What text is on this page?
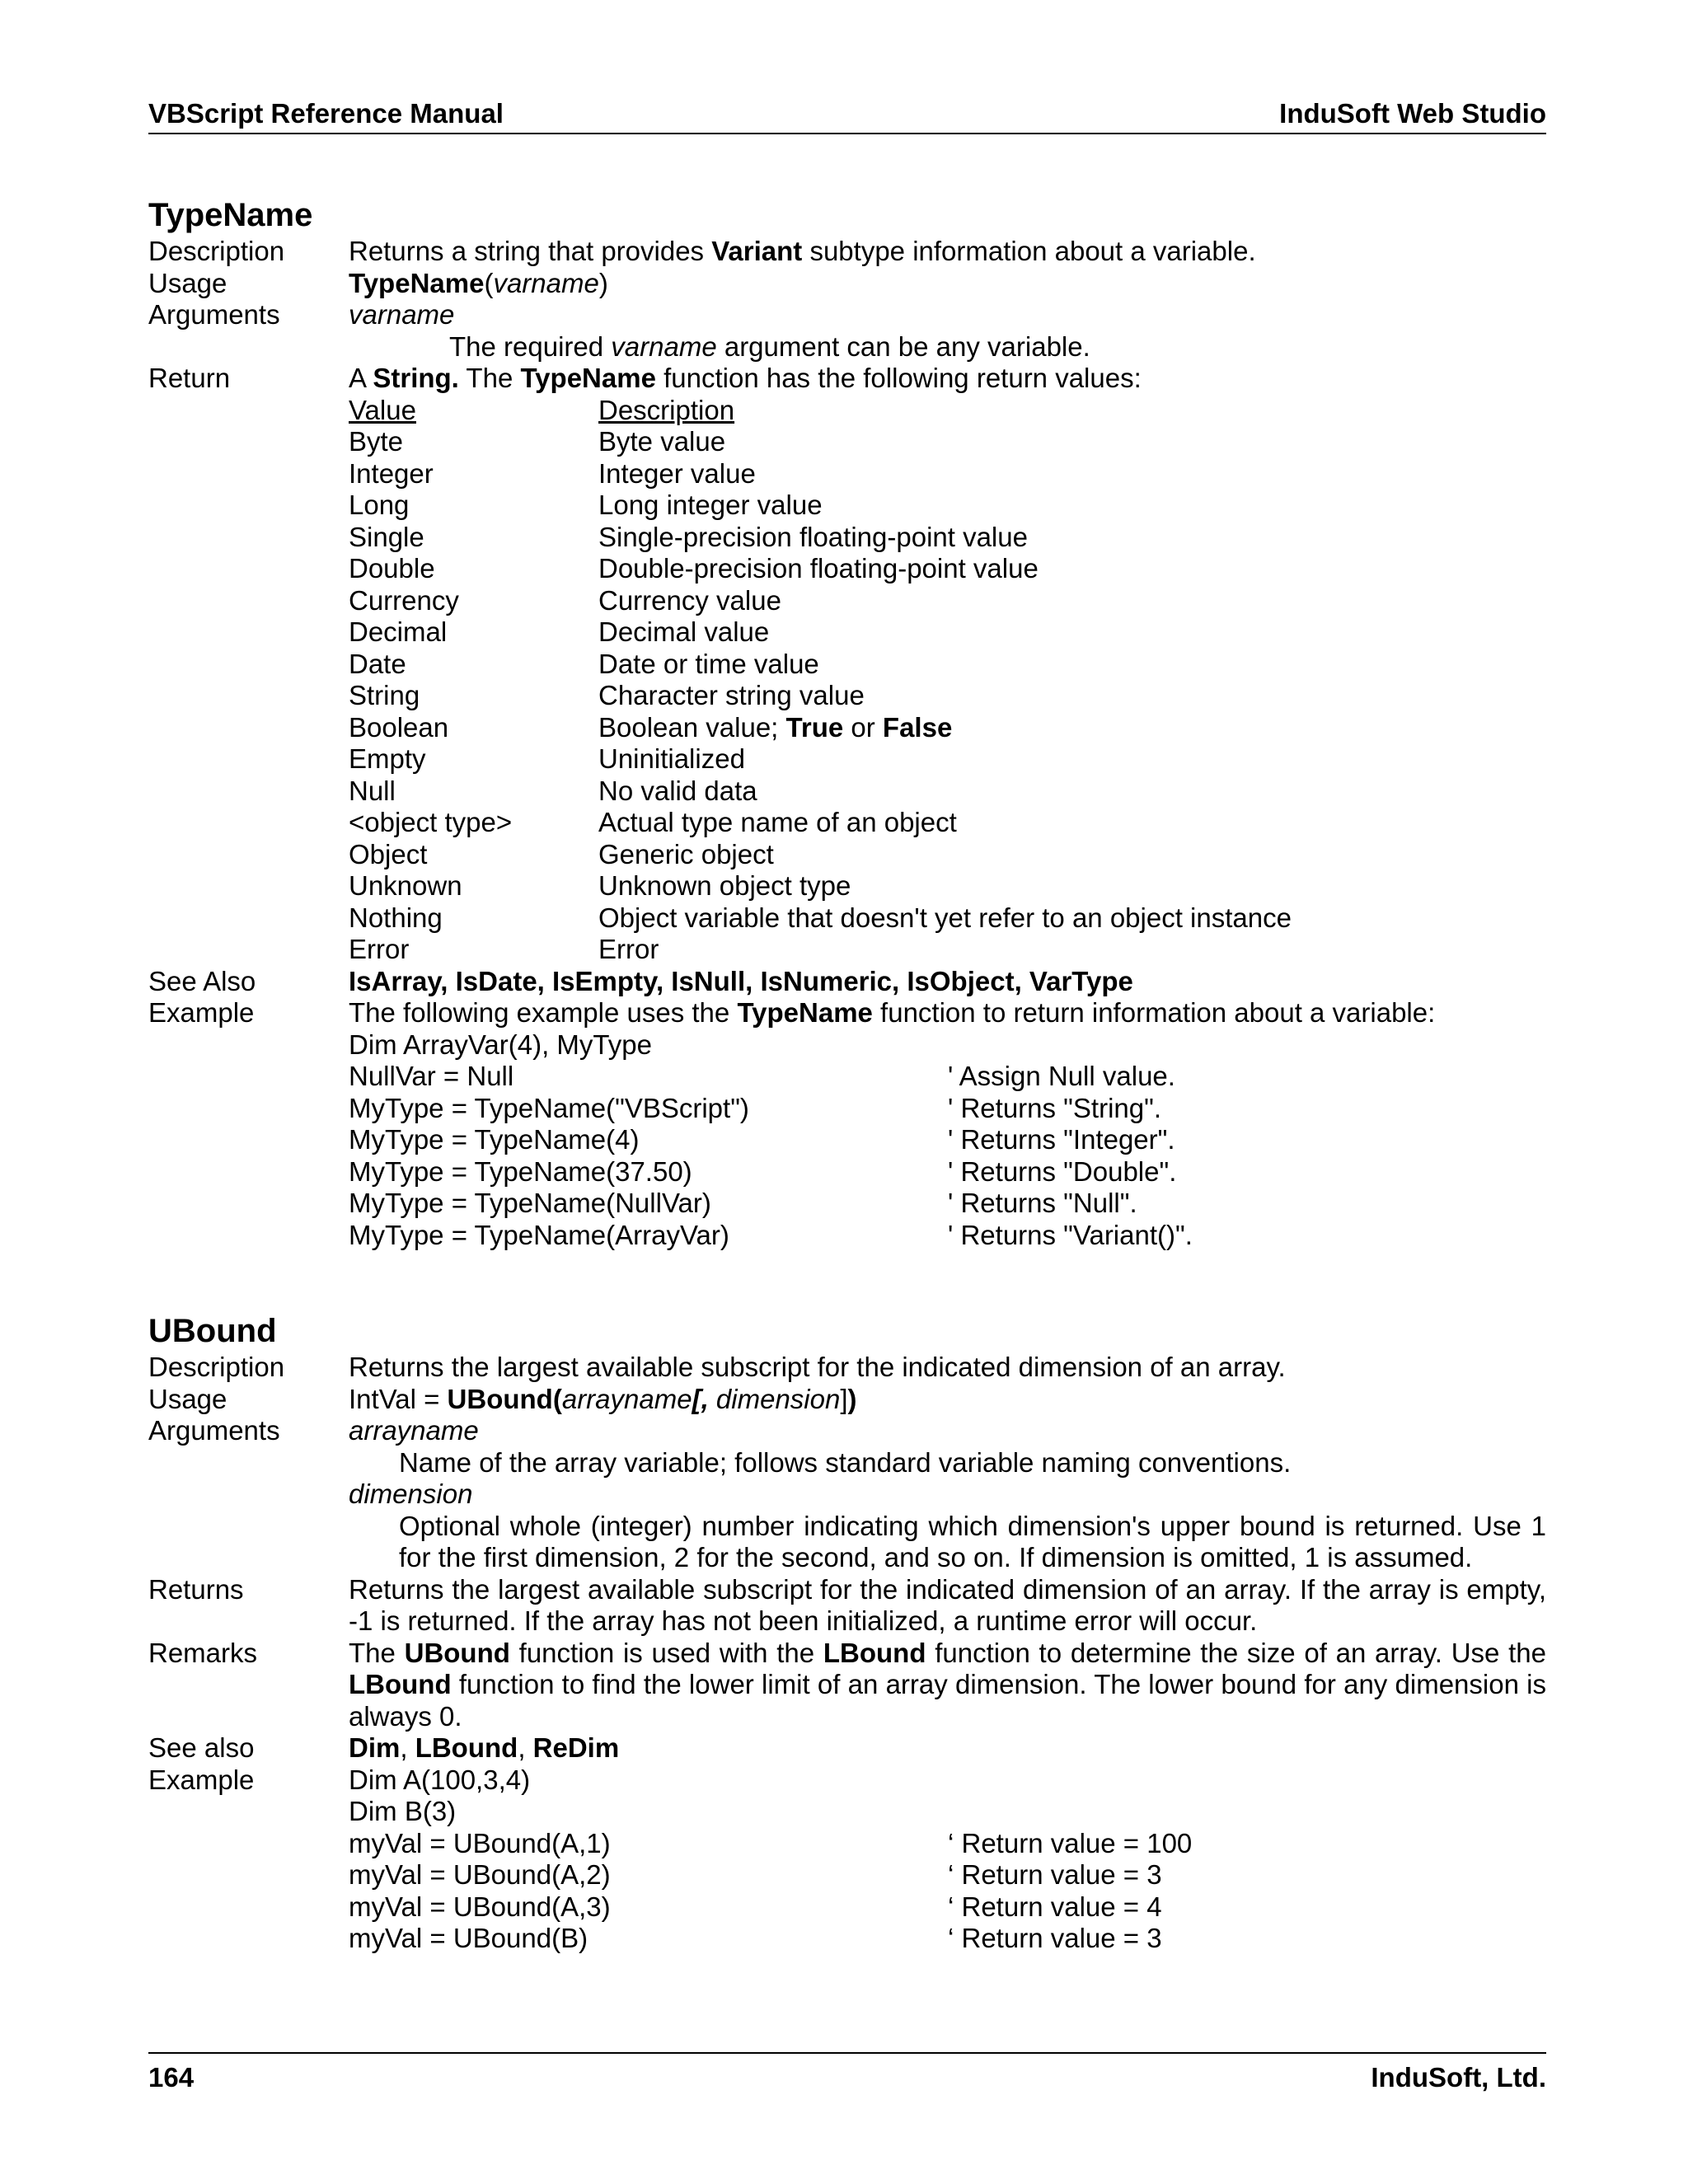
VBScript Reference Manual	InduSoft Web Studio
TypeName
Description	Returns a string that provides Variant subtype information about a variable.
Usage	TypeName(varname)
Arguments	varname
The required varname argument can be any variable.
Return	A String. The TypeName function has the following return values:
Value	Description
Byte	Byte value
Integer	Integer value
Long	Long integer value
Single	Single-precision floating-point value
Double	Double-precision floating-point value
Currency	Currency value
Decimal	Decimal value
Date	Date or time value
String	Character string value
Boolean	Boolean value; True or False
Empty	Uninitialized
Null	No valid data
<object type>	Actual type name of an object
Object	Generic object
Unknown	Unknown object type
Nothing	Object variable that doesn't yet refer to an object instance
Error	Error
See Also	IsArray, IsDate, IsEmpty, IsNull, IsNumeric, IsObject, VarType
Example	The following example uses the TypeName function to return information about a variable:
Dim ArrayVar(4), MyType
NullVar = Null	' Assign Null value.
MyType = TypeName("VBScript")	' Returns "String".
MyType = TypeName(4)	' Returns "Integer".
MyType = TypeName(37.50)	' Returns "Double".
MyType = TypeName(NullVar)	' Returns "Null".
MyType = TypeName(ArrayVar)	' Returns "Variant()".
UBound
Description	Returns the largest available subscript for the indicated dimension of an array.
Usage	IntVal = UBound(arrayname[, dimension])
Arguments	arrayname
Name of the array variable; follows standard variable naming conventions.
dimension
Optional whole (integer) number indicating which dimension's upper bound is returned. Use 1 for the first dimension, 2 for the second, and so on. If dimension is omitted, 1 is assumed.
Returns	Returns the largest available subscript for the indicated dimension of an array. If the array is empty, -1 is returned. If the array has not been initialized, a runtime error will occur.
Remarks	The UBound function is used with the LBound function to determine the size of an array. Use the LBound function to find the lower limit of an array dimension. The lower bound for any dimension is always 0.
See also	Dim, LBound, ReDim
Example	Dim A(100,3,4)
Dim B(3)
myVal = UBound(A,1)	‘ Return value = 100
myVal = UBound(A,2)	‘ Return value = 3
myVal = UBound(A,3)	‘ Return value = 4
myVal = UBound(B)	‘ Return value = 3
164	InduSoft, Ltd.
